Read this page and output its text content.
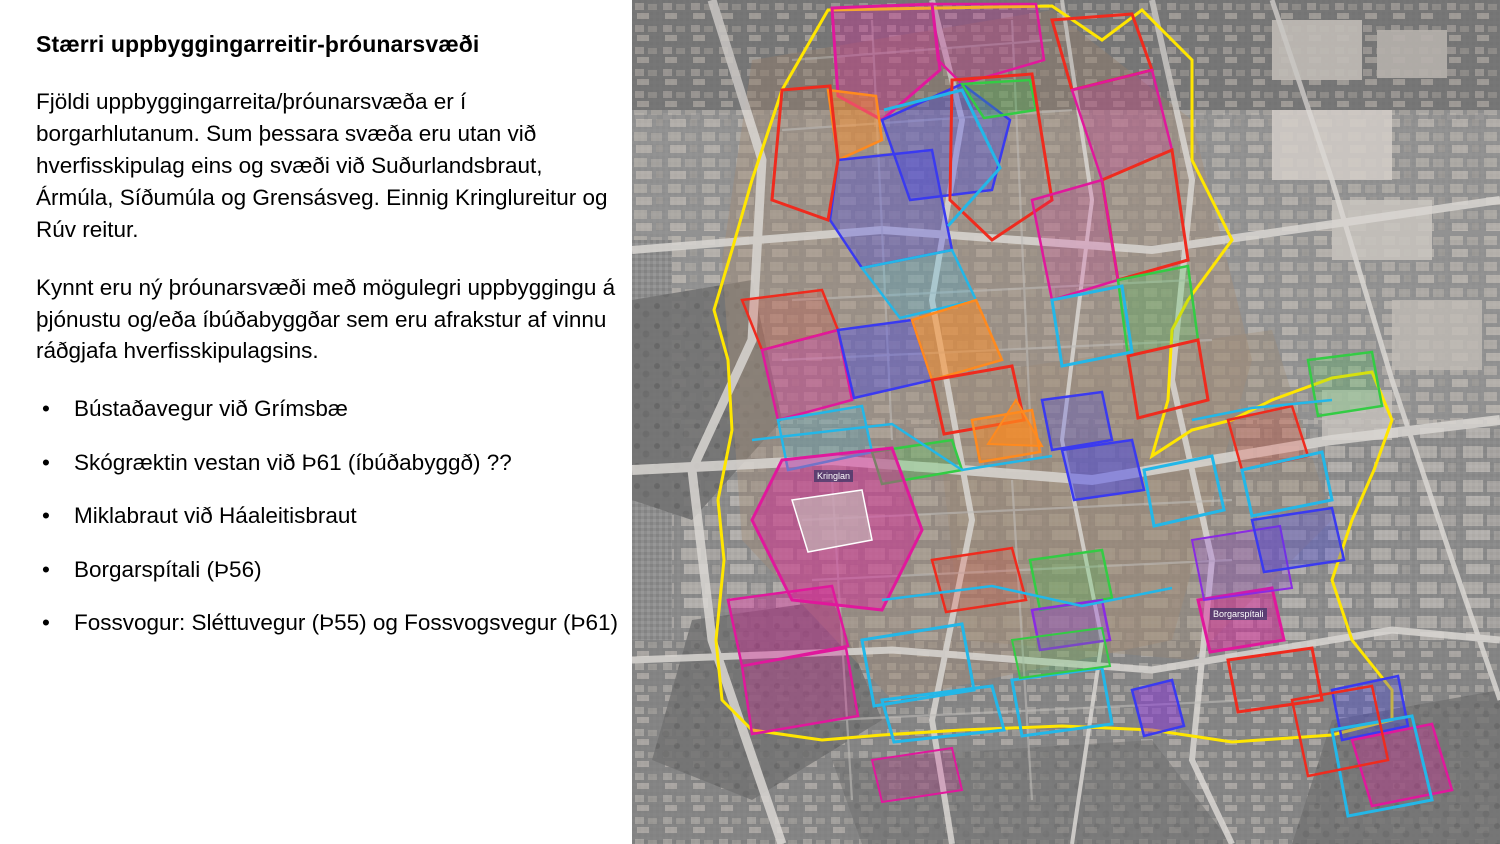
Stærri uppbyggingarreitir-þróunarsvæði

Fjöldi uppbyggingarreita/þróunarsvæða er í borgarhlutanum. Sum þessara svæða eru utan við hverfisskipulag eins og svæði við Suðurlandsbraut, Ármúla, Síðumúla og Grensásveg. Einnig Kringlureitur og Rúv reitur.

Kynnt eru ný þróunarsvæði með mögulegri uppbyggingu á þjónustu og/eða íbúðabyggðar sem eru afrakstur af vinnu ráðgjafa hverfisskipulagsins.

• Bústaðavegur við Grímsbæ
• Skógræktin vestan við Þ61 (íbúðabyggð) ??
• Miklabraut við Háaleitisbraut
• Borgarspítali (Þ56)
• Fossvogur: Sléttuvegur (Þ55) og Fossvogsvegur (Þ61)
Kringlan
Borgarspítali
